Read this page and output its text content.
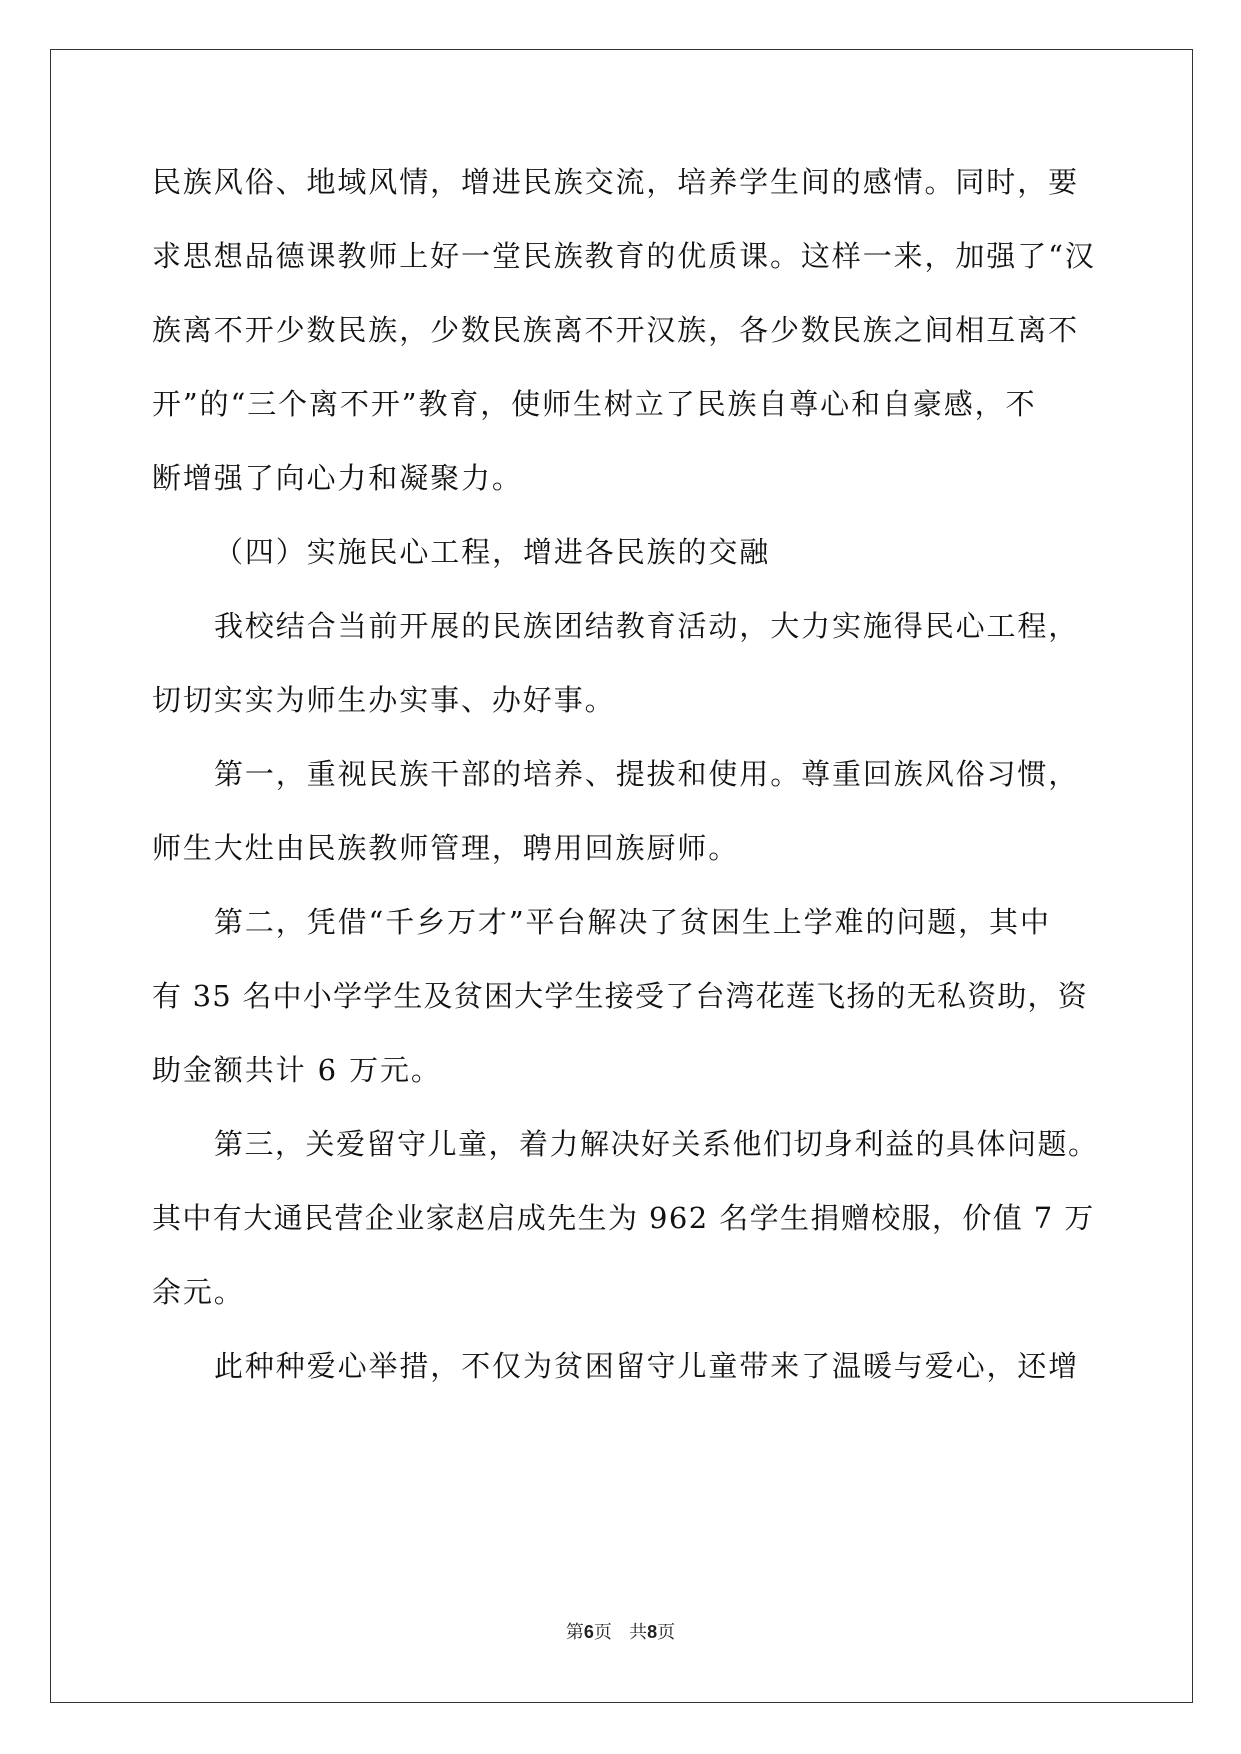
民族风俗、地域风情，增进民族交流，培养学生间的感情。同时，要
求思想品德课教师上好一堂民族教育的优质课。这样一来，加强了“汉
族离不开少数民族，少数民族离不开汉族，各少数民族之间相互离不
开”的“三个离不开”教育，使师生树立了民族自尊心和自豪感，不
断增强了向心力和凝聚力。
（四）实施民心工程，增进各民族的交融
我校结合当前开展的民族团结教育活动，大力实施得民心工程，
切切实实为师生办实事、办好事。
第一，重视民族干部的培养、提拔和使用。尊重回族风俗习惯，
师生大灶由民族教师管理，聘用回族厨师。
第二，凭借“千乡万才”平台解决了贫困生上学难的问题，其中
有 35 名中小学学生及贫困大学生接受了台湾花莲飞扬的无私资助，资
助金额共计 6 万元。
第三，关爱留守儿童，着力解决好关系他们切身利益的具体问题。
其中有大通民营企业家赵启成先生为 962 名学生捐赠校服，价值 7 万
余元。
此种种爱心举措，不仅为贫困留守儿童带来了温暖与爱心，还增
第6页 共8页
